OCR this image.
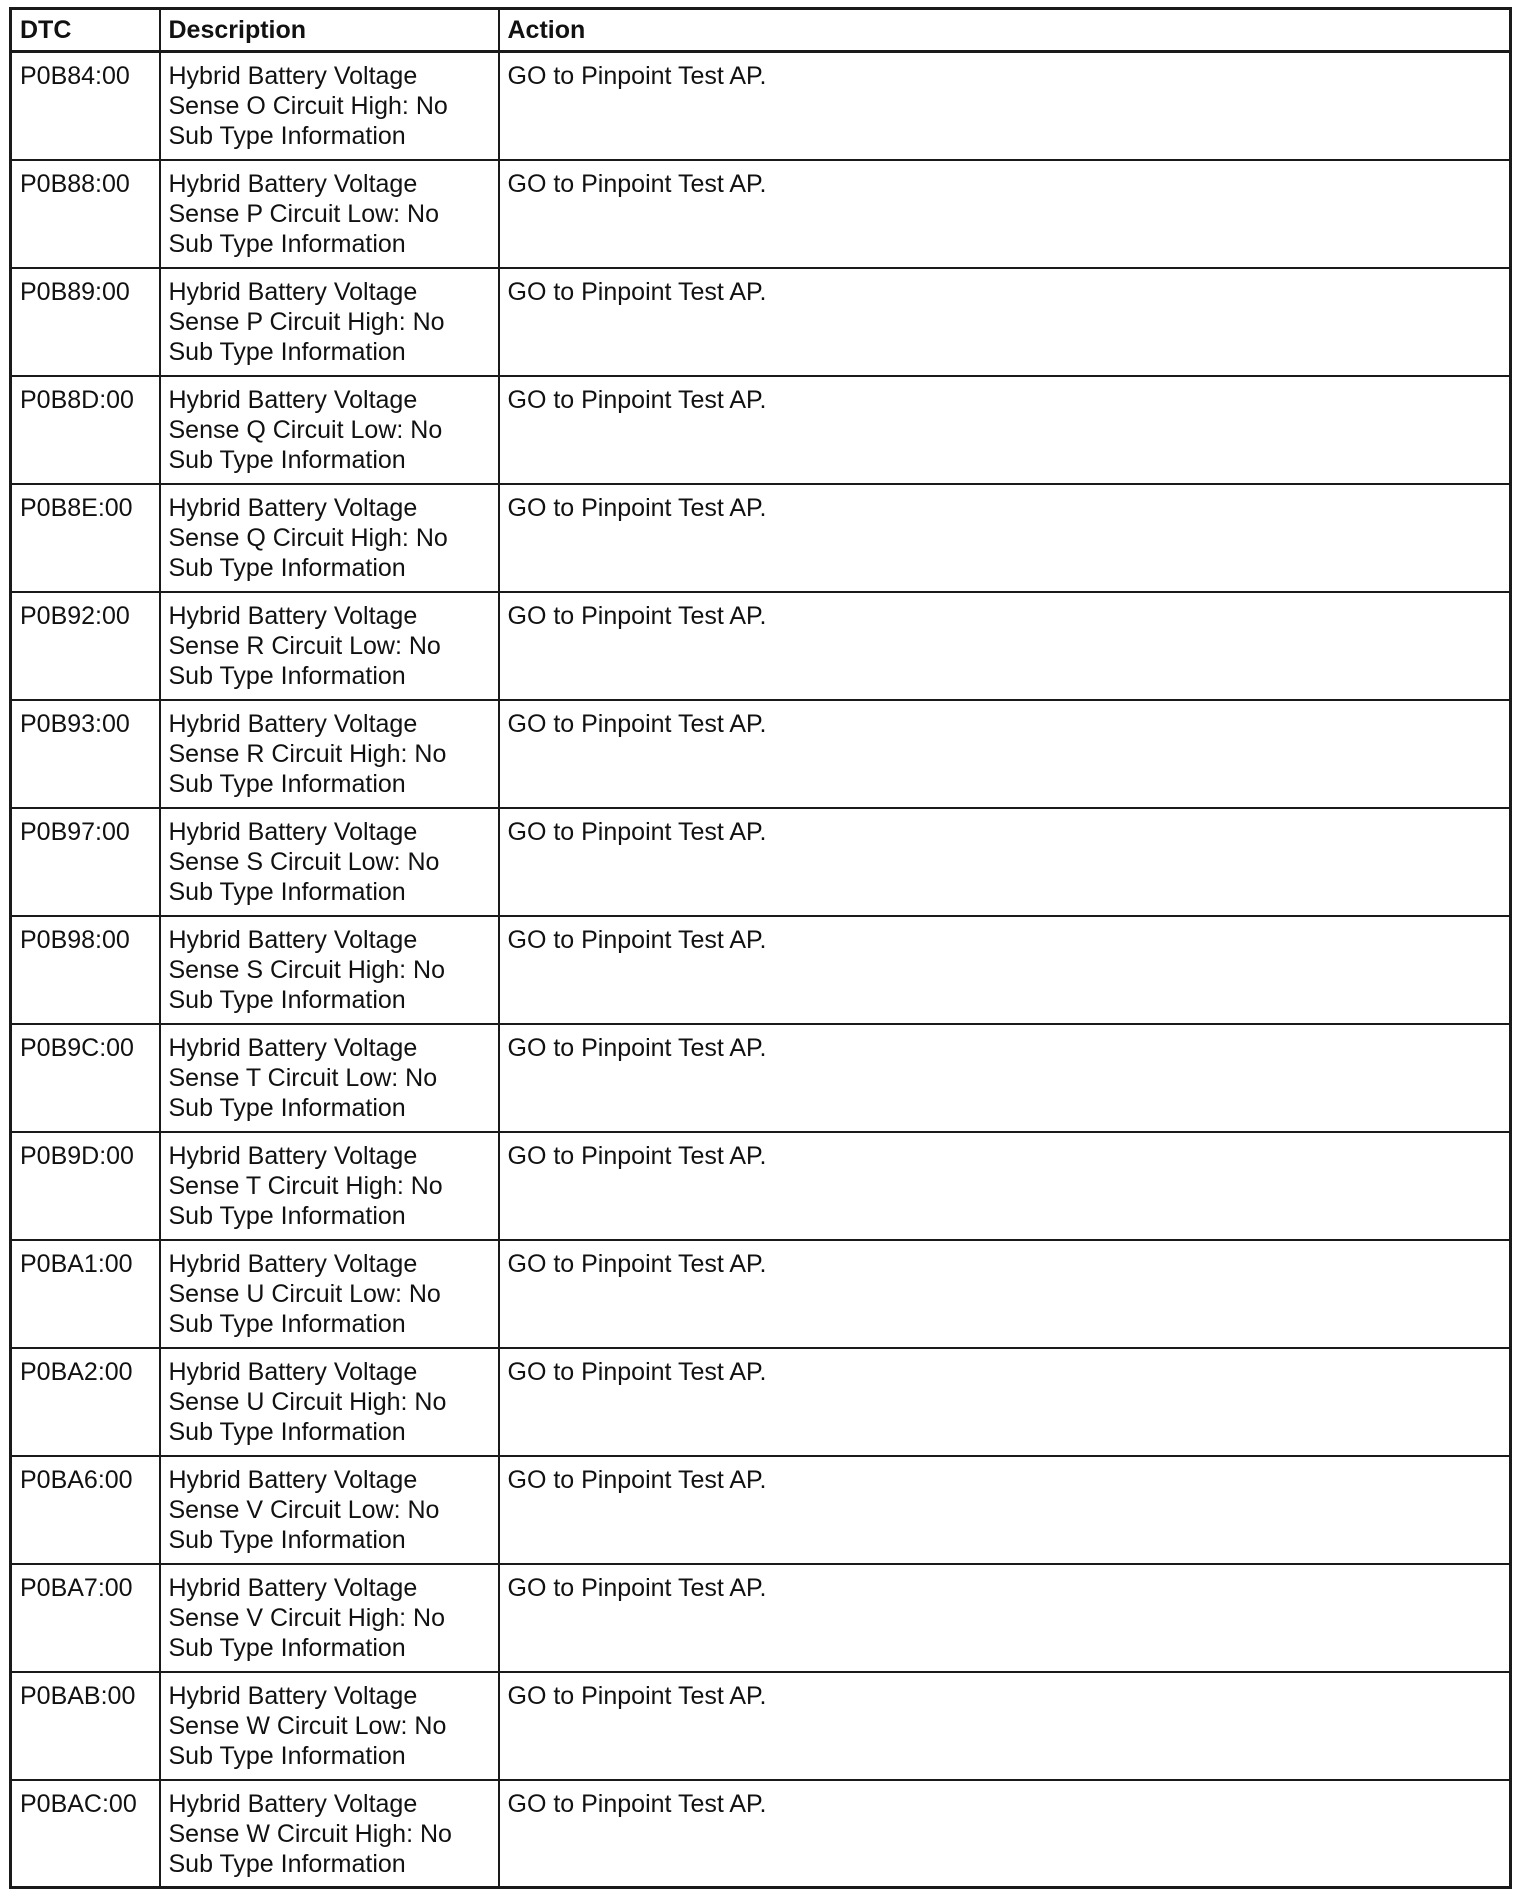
DTC	Description	Action
P0B84:00	Hybrid Battery Voltage
Sense O Circuit High: No
Sub Type Information	GO to Pinpoint Test AP.
P0B88:00	Hybrid Battery Voltage
Sense P Circuit Low: No
Sub Type Information	GO to Pinpoint Test AP.
P0B89:00	Hybrid Battery Voltage
Sense P Circuit High: No
Sub Type Information	GO to Pinpoint Test AP.
P0B8D:00	Hybrid Battery Voltage
Sense Q Circuit Low: No
Sub Type Information	GO to Pinpoint Test AP.
P0B8E:00	Hybrid Battery Voltage
Sense Q Circuit High: No
Sub Type Information	GO to Pinpoint Test AP.
P0B92:00	Hybrid Battery Voltage
Sense R Circuit Low: No
Sub Type Information	GO to Pinpoint Test AP.
P0B93:00	Hybrid Battery Voltage
Sense R Circuit High: No
Sub Type Information	GO to Pinpoint Test AP.
P0B97:00	Hybrid Battery Voltage
Sense S Circuit Low: No
Sub Type Information	GO to Pinpoint Test AP.
P0B98:00	Hybrid Battery Voltage
Sense S Circuit High: No
Sub Type Information	GO to Pinpoint Test AP.
P0B9C:00	Hybrid Battery Voltage
Sense T Circuit Low: No
Sub Type Information	GO to Pinpoint Test AP.
P0B9D:00	Hybrid Battery Voltage
Sense T Circuit High: No
Sub Type Information	GO to Pinpoint Test AP.
P0BA1:00	Hybrid Battery Voltage
Sense U Circuit Low: No
Sub Type Information	GO to Pinpoint Test AP.
P0BA2:00	Hybrid Battery Voltage
Sense U Circuit High: No
Sub Type Information	GO to Pinpoint Test AP.
P0BA6:00	Hybrid Battery Voltage
Sense V Circuit Low: No
Sub Type Information	GO to Pinpoint Test AP.
P0BA7:00	Hybrid Battery Voltage
Sense V Circuit High: No
Sub Type Information	GO to Pinpoint Test AP.
P0BAB:00	Hybrid Battery Voltage
Sense W Circuit Low: No
Sub Type Information	GO to Pinpoint Test AP.
P0BAC:00	Hybrid Battery Voltage
Sense W Circuit High: No
Sub Type Information	GO to Pinpoint Test AP.
